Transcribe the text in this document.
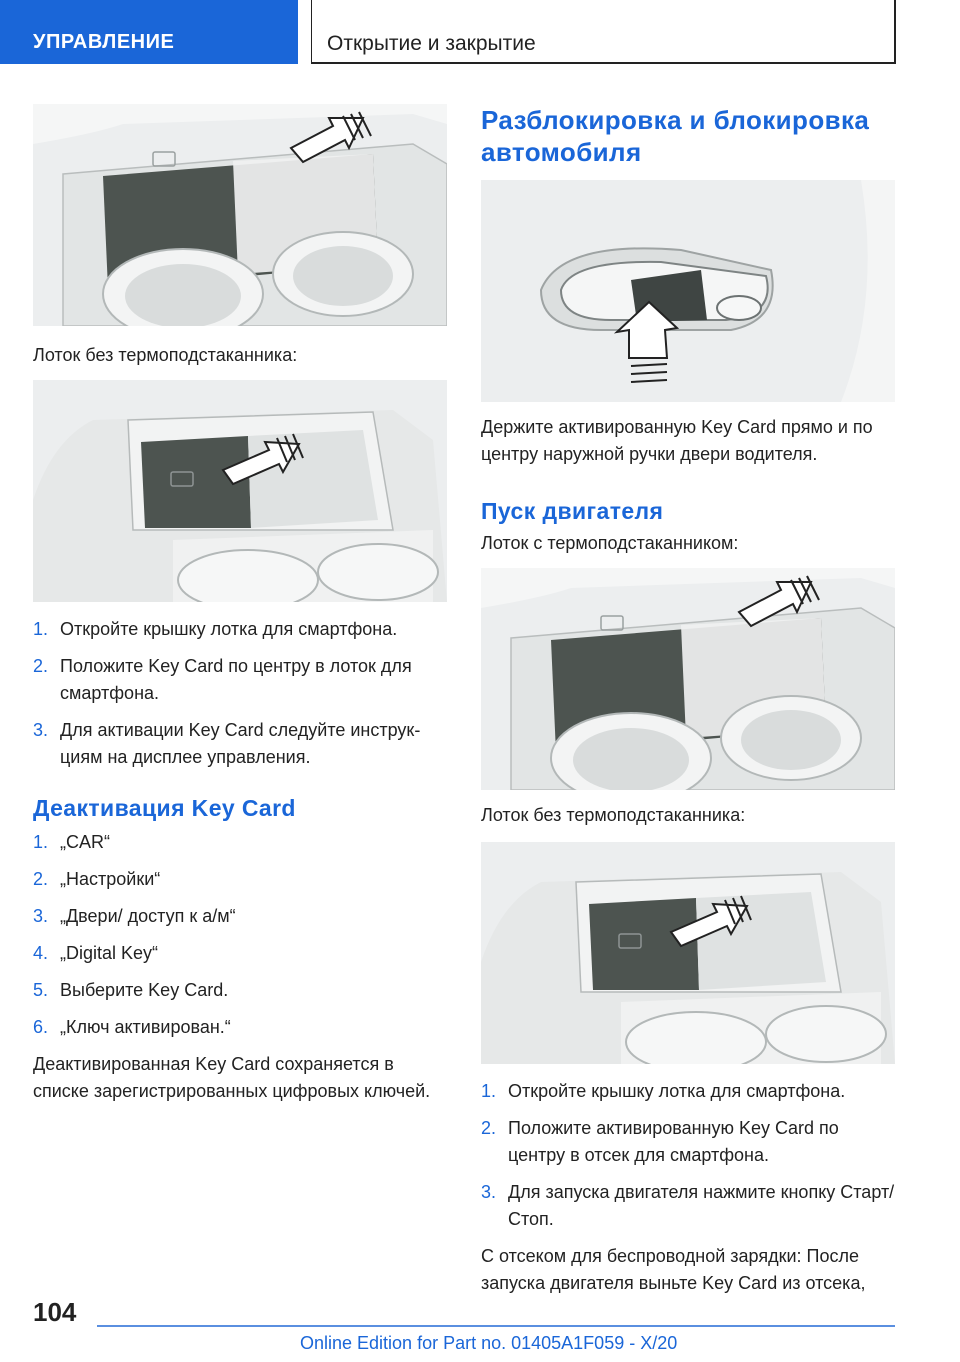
УПРАВЛЕНИЕ	Открытие и закрытие
Лоток без термоподстаканника:
1. Откройте крышку лотка для смартфона.
2. Положите Key Card по центру в лоток для смартфона.
3. Для активации Key Card следуйте инструкциям на дисплее управления.
Деактивация Key Card
1. „CAR“
2. „Настройки“
3. „Двери/ доступ к а/м“
4. „Digital Key“
5. Выберите Key Card.
6. „Ключ активирован.“

Деактивированная Key Card сохраняется в списке зарегистрированных цифровых ключей.

Разблокировка и блокировка автомобиля

Держите активированную Key Card прямо и по центру наружной ручки двери водителя.

Пуск двигателя
Лоток с термоподстаканником:
Лоток без термоподстаканника:
1. Откройте крышку лотка для смартфона.
2. Положите активированную Key Card по центру в отсек для смартфона.
3. Для запуска двигателя нажмите кнопку Старт/Стоп.

С отсеком для беспроводной зарядки: После запуска двигателя выньте Key Card из отсека,

104
Online Edition for Part no. 01405A1F059 - X/20
